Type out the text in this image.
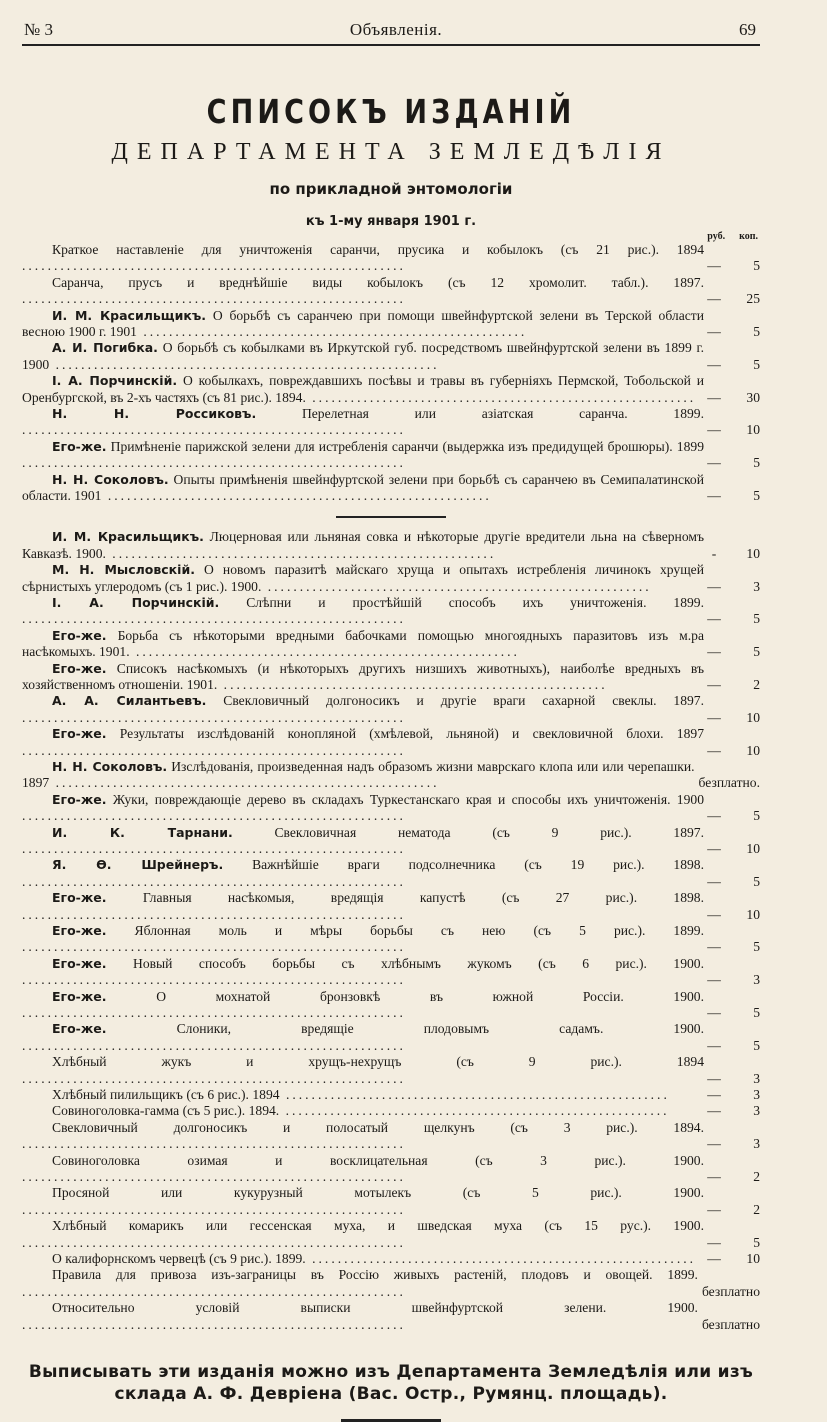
№ 3	Объявленія.	69
СПИСОКЪ ИЗДАНІЙ
ДЕПАРТАМЕНТА ЗЕМЛЕДѢЛІЯ
по прикладной энтомологіи
къ 1-му января 1901 г.
руб. коп.
Краткое наставленіе для уничтоженія саранчи, прусика и кобылокъ (съ 21 рис.). 1894 ............................................................	—	5
Саранча, прусъ и вреднѣйшіе виды кобылокъ (съ 12 хромолит. табл.). 1897. ............................................................	—	25
И. М. Красильщикъ. О борьбѣ съ саранчею при помощи швейнфуртской зелени въ Терской области весною 1900 г. 1901 ............................................................	—	5
А. И. Погибка. О борьбѣ съ кобылками въ Иркутской губ. посредствомъ швейнфуртской зелени въ 1899 г. 1900 ............................................................	—	5
І. А. Порчинскій. О кобылкахъ, повреждавшихъ посѣвы и травы въ губерніяхъ Пермской, Тобольской и Оренбургской, въ 2-хъ частяхъ (съ 81 рис.). 1894. ............................................................ —	30
Н. Н. Россиковъ.	Перелетная или азіатская саранча. 1899. ............................................................	—	10
Его-же. Примѣненіе парижской зелени для истребленія саранчи (выдержка изъ предидущей брошюры). 1899 ............................................................	—	5
Н. Н. Соколовъ. Опыты примѣненія швейнфуртской зелени при борьбѣ съ саранчею въ Семипалатинской области. 1901 ............................................................	—	5
И. М. Красильщикъ. Люцерновая или льняная совка и нѣкоторые другіе вредители льна на сѣверномъ Кавказѣ. 1900. ............................................................	-	10
М. Н. Мысловскій. О новомъ паразитѣ майскаго хруща и опытахъ истребленія личинокъ хрущей сѣрнистыхъ углеродомъ (съ 1 рис.). 1900. ............................................................	—	3
І. А. Порчинскій. Слѣпни и простѣйшій способъ ихъ уничтоженія. 1899. ............................................................	—	5
Его-же. Борьба съ нѣкоторыми вредными бабочками помощью многоядныхъ паразитовъ изъ м.ра насѣкомыхъ. 1901. ............................................................	—	5
Его-же. Списокъ насѣкомыхъ (и нѣкоторыхъ другихъ низшихъ животныхъ), наиболѣе вредныхъ въ хозяйственномъ отношеніи. 1901. ............................................................	—	2
А. А. Силантьевъ. Свекловичный долгоносикъ и другіе враги сахарной свеклы. 1897. ............................................................	—	10
Его-же. Результаты изслѣдованій конопляной (хмѣлевой, льняной) и свекловичной блохи. 1897 ............................................................	—	10
Н. Н. Соколовъ. Изслѣдованія, произведенная надъ образомъ жизни маврскаго клопа или или черепашки. 1897 ............................................................	безплатно.
Его-же. Жуки, повреждающіе дерево въ складахъ Туркестанскаго края и способы ихъ уничтоженія. 1900 ............................................................	—	5
И. К. Тарнани.	Свекловичная нематода (съ 9 рис.). 1897. ............................................................	—	10
Я. Ѳ. Шрейнеръ. Важнѣйшіе враги подсолнечника (съ 19 рис.). 1898. ............................................................	—	5
Его-же.	Главныя насѣкомыя, вредящія капустѣ (съ 27 рис.). 1898. ............................................................	—	10
Его-же. Яблонная моль и мѣры борьбы съ нею (съ 5 рис.). 1899. ............................................................	—	5
Его-же. Новый способъ борьбы съ хлѣбнымъ жукомъ (съ 6 рис.). 1900. ............................................................	—	3
Его-же.	О мохнатой бронзовкѣ въ южной Россіи. 1900. ............................................................	—	5
Его-же.	Слоники, вредящіе плодовымъ садамъ. 1900. ............................................................	—	5
Хлѣбный жукъ и хрущъ-нехрущъ (съ 9 рис.). 1894 ............................................................	—	3
Хлѣбный пилильщикъ (съ 6 рис.). 1894 ............................................................	—	3
Совиноголовка-гамма (съ 5 рис.). 1894. ............................................................	—	3
Свекловичный долгоносикъ и полосатый щелкунъ (съ 3 рис.). 1894. ............................................................	—	3
Совиноголовка озимая и восклицательная (съ 3 рис.). 1900. ............................................................	—	2
Просяной или кукурузный мотылекъ (съ 5 рис.). 1900. ............................................................	—	2
Хлѣбный комарикъ или гессенская муха, и шведская муха (съ 15 рус.). 1900. ............................................................	—	5
О калифорнскомъ червецѣ (съ 9 рис.). 1899. ............................................................ —	10
Правила для привоза изъ-заграницы въ Россію живыхъ растеній, плодовъ и овощей. 1899. ............................................................	безплатно
Относительно условій выписки швейнфуртской зелени. 1900. ............................................................	безплатно
Выписывать эти изданія можно изъ Департамента Земледѣлія или изъ
склада А. Ф. Девріена (Вас. Остр., Румянц. площадь).
